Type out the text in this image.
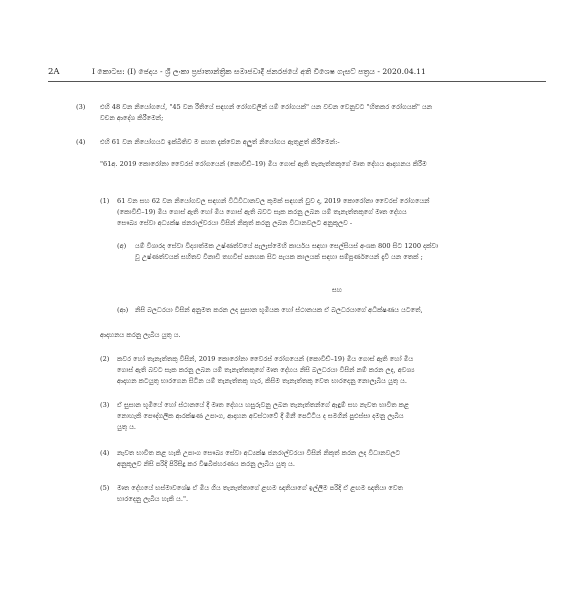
2A	I කොටස: (I) ඡෙදය - ශ්‍රී ලංකා ප්‍රජාතාන්ත්‍රික සමාජවාදී ජනරජයේ අති විශෙෂ ගැසට් පත්‍රය - 2020.04.11
(3) එහි 48 වන නියෝගයේ, "45 වන රීතියේ සඳහන් රෝගවලින් යම් රෝගයක්" යන වචන වෙනුවට "හිතකර රෝගයක්" යන
වචන ආදේශ කිරීමෙන්;
(4) එහි 61 වන නියෝගයට ඉක්බිතිව ම පහත දැක්වෙන අලුත් නියෝගය ඇතුළත් කිරීමෙන්:-
"61අ. 2019 කොරෝනා වෛරස් රෝගයෙන් (කොවිඩ්–19) මිය ගොස් ඇති තැනැත්තකුගේ මෘත දේහය ආදාහනය කිරීම
(1) 61 වන සහ 62 වන නියෝගවල සඳහන් විධිවිධානවල කුමක් සඳහන් වුව ද, 2019 කොරෝනා වෛරස් රෝගයෙන්
(කොවිඩ්–19) මිය ගොස් ඇති හෝ මිය ගොස් ඇති බවට සැක කරනු ලබන යම් තැනැත්තකුගේ මෘත දේහය
සෞඛ්‍ය සේවා අධ්‍යක්ෂ ජනරාල්වරයා විසින් නිකුත් කරනු ලබන විධානවලට අනුකූලව -
(අ) යම් විශාරද සේවා විද්‍යාත්මක උෂ්ණත්වයේ පැලැස්මෙහි කාර්යය සඳහා සෙල්සියස් අංශක 800 සිට 1200 දක්වා
වූ උෂ්ණත්වයක් සහිතව විනාඩි තහවිස් පනහක සිට පැයක කාලයක් සඳහා සම්පූර්ණයෙන් දැවී යන තෙක් ;
සහ
(ආ) නිසි බලධරයා විසින් අනුමත කරන ලද සුසාන භූමියක හෝ ස්ථානයක ඒ බලධරයාගේ අධීක්ෂණය යටතේ,
ආදාහනය කරනු ලැබිය යුතු ය.
(2) කවර හෝ තැනැත්තකු විසින්, 2019 කොරෝනා වෛරස් රෝගයෙන් (කොවිඩ්–19) මිය ගොස් ඇති හෝ මිය
ගොස් ඇති බවට සැක කරනු ලබන යම් තැනැත්තකුගේ මෘත දේහය නිසි බලධරයා විසින් නම් කරන ලද, අවශ්‍ය
ආදාහන කටයුතු භාරගෙන සිටින යම් තැනැත්තකු හැර, කිසිම තැනැත්තකු වෙත භාරදෙනු නොලැබිය යුතු ය.
(3) ඒ සුසාන භූමියේ හෝ ස්ථානයේ දී මෘත දේහය හසුරුවනු ලබන තැනැත්තන්ගේ ඇඳුම් සහ නැවත භාවිත කළ
නොහැකි පෞද්ගලික ආරක්ෂණ උපාංග, ආදාහන අවස්ථාවේ දී මිනී පෙට්ටිය ද සමගින් පුළුස්සා දමනු ලැබිය
යුතු ය.
(4) නැවත භාවිත කළ හැකි උපාංග සෞඛ්‍ය සේවා අධ්‍යක්ෂ ජනරාල්වරයා විසින් නිකුත් කරන ලද විධානවලට
අනුකූලව නිසි පරිදි පිරිසිදු කර විෂබීජහරණය කරනු ලැබිය යුතු ය.
(5) මෘත දේහයේ භස්මාවශේෂ ඒ මිය ගිය තැනැත්තාගේ ළඟම ඥාතියාගේ ඉල්ලීම පරිදි ඒ ළඟම ඥාතියා වෙත
භාරදෙනු ලැබිය හැකි ය.".
